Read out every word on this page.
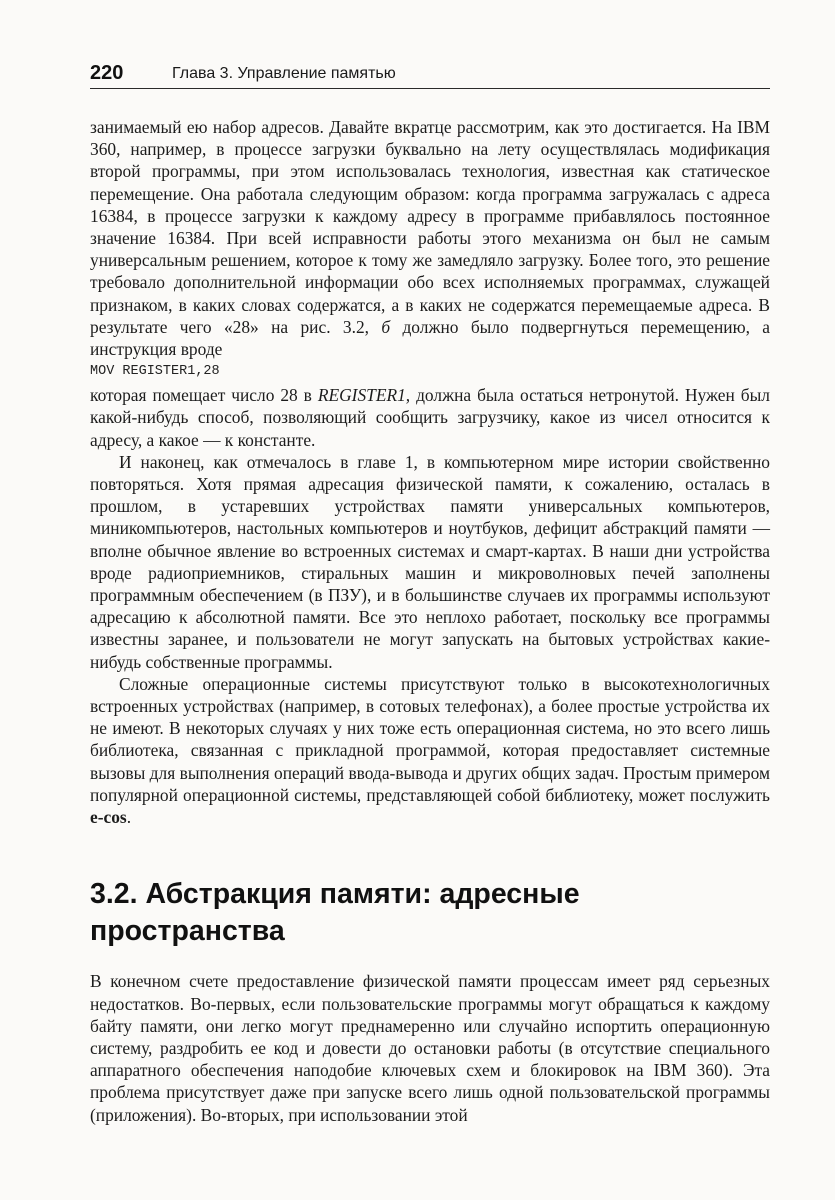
220	Глава 3. Управление памятью

занимаемый ею набор адресов. Давайте вкратце рассмотрим, как это достигается. На IBM 360, например, в процессе загрузки буквально на лету осуществлялась модификация второй программы, при этом использовалась технология, известная как статическое перемещение. Она работала следующим образом: когда программа загружалась с адреса 16384, в процессе загрузки к каждому адресу в программе прибавлялось постоянное значение 16384. При всей исправности работы этого механизма он был не самым универсальным решением, которое к тому же замедляло загрузку. Более того, это решение требовало дополнительной информации обо всех исполняемых программах, служащей признаком, в каких словах содержатся, а в каких не содержатся перемещаемые адреса. В результате чего «28» на рис. 3.2, б должно было подвергнуться перемещению, а инструкция вроде

MOV REGISTER1,28

которая помещает число 28 в REGISTER1, должна была остаться нетронутой. Нужен был какой-нибудь способ, позволяющий сообщить загрузчику, какое из чисел относится к адресу, а какое — к константе.

И наконец, как отмечалось в главе 1, в компьютерном мире истории свойственно повторяться. Хотя прямая адресация физической памяти, к сожалению, осталась в прошлом, в устаревших устройствах памяти универсальных компьютеров, миникомпьютеров, настольных компьютеров и ноутбуков, дефицит абстракций памяти — вполне обычное явление во встроенных системах и смарт-картах. В наши дни устройства вроде радиоприемников, стиральных машин и микроволновых печей заполнены программным обеспечением (в ПЗУ), и в большинстве случаев их программы используют адресацию к абсолютной памяти. Все это неплохо работает, поскольку все программы известны заранее, и пользователи не могут запускать на бытовых устройствах какие-нибудь собственные программы.

Сложные операционные системы присутствуют только в высокотехнологичных встроенных устройствах (например, в сотовых телефонах), а более простые устройства их не имеют. В некоторых случаях у них тоже есть операционная система, но это всего лишь библиотека, связанная с прикладной программой, которая предоставляет системные вызовы для выполнения операций ввода-вывода и других общих задач. Простым примером популярной операционной системы, представляющей собой библиотеку, может послужить e-cos.

3.2. Абстракция памяти: адресные пространства

В конечном счете предоставление физической памяти процессам имеет ряд серьезных недостатков. Во-первых, если пользовательские программы могут обращаться к каждому байту памяти, они легко могут преднамеренно или случайно испортить операционную систему, раздробить ее код и довести до остановки работы (в отсутствие специального аппаратного обеспечения наподобие ключевых схем и блокировок на IBM 360). Эта проблема присутствует даже при запуске всего лишь одной пользовательской программы (приложения). Во-вторых, при использовании этой
